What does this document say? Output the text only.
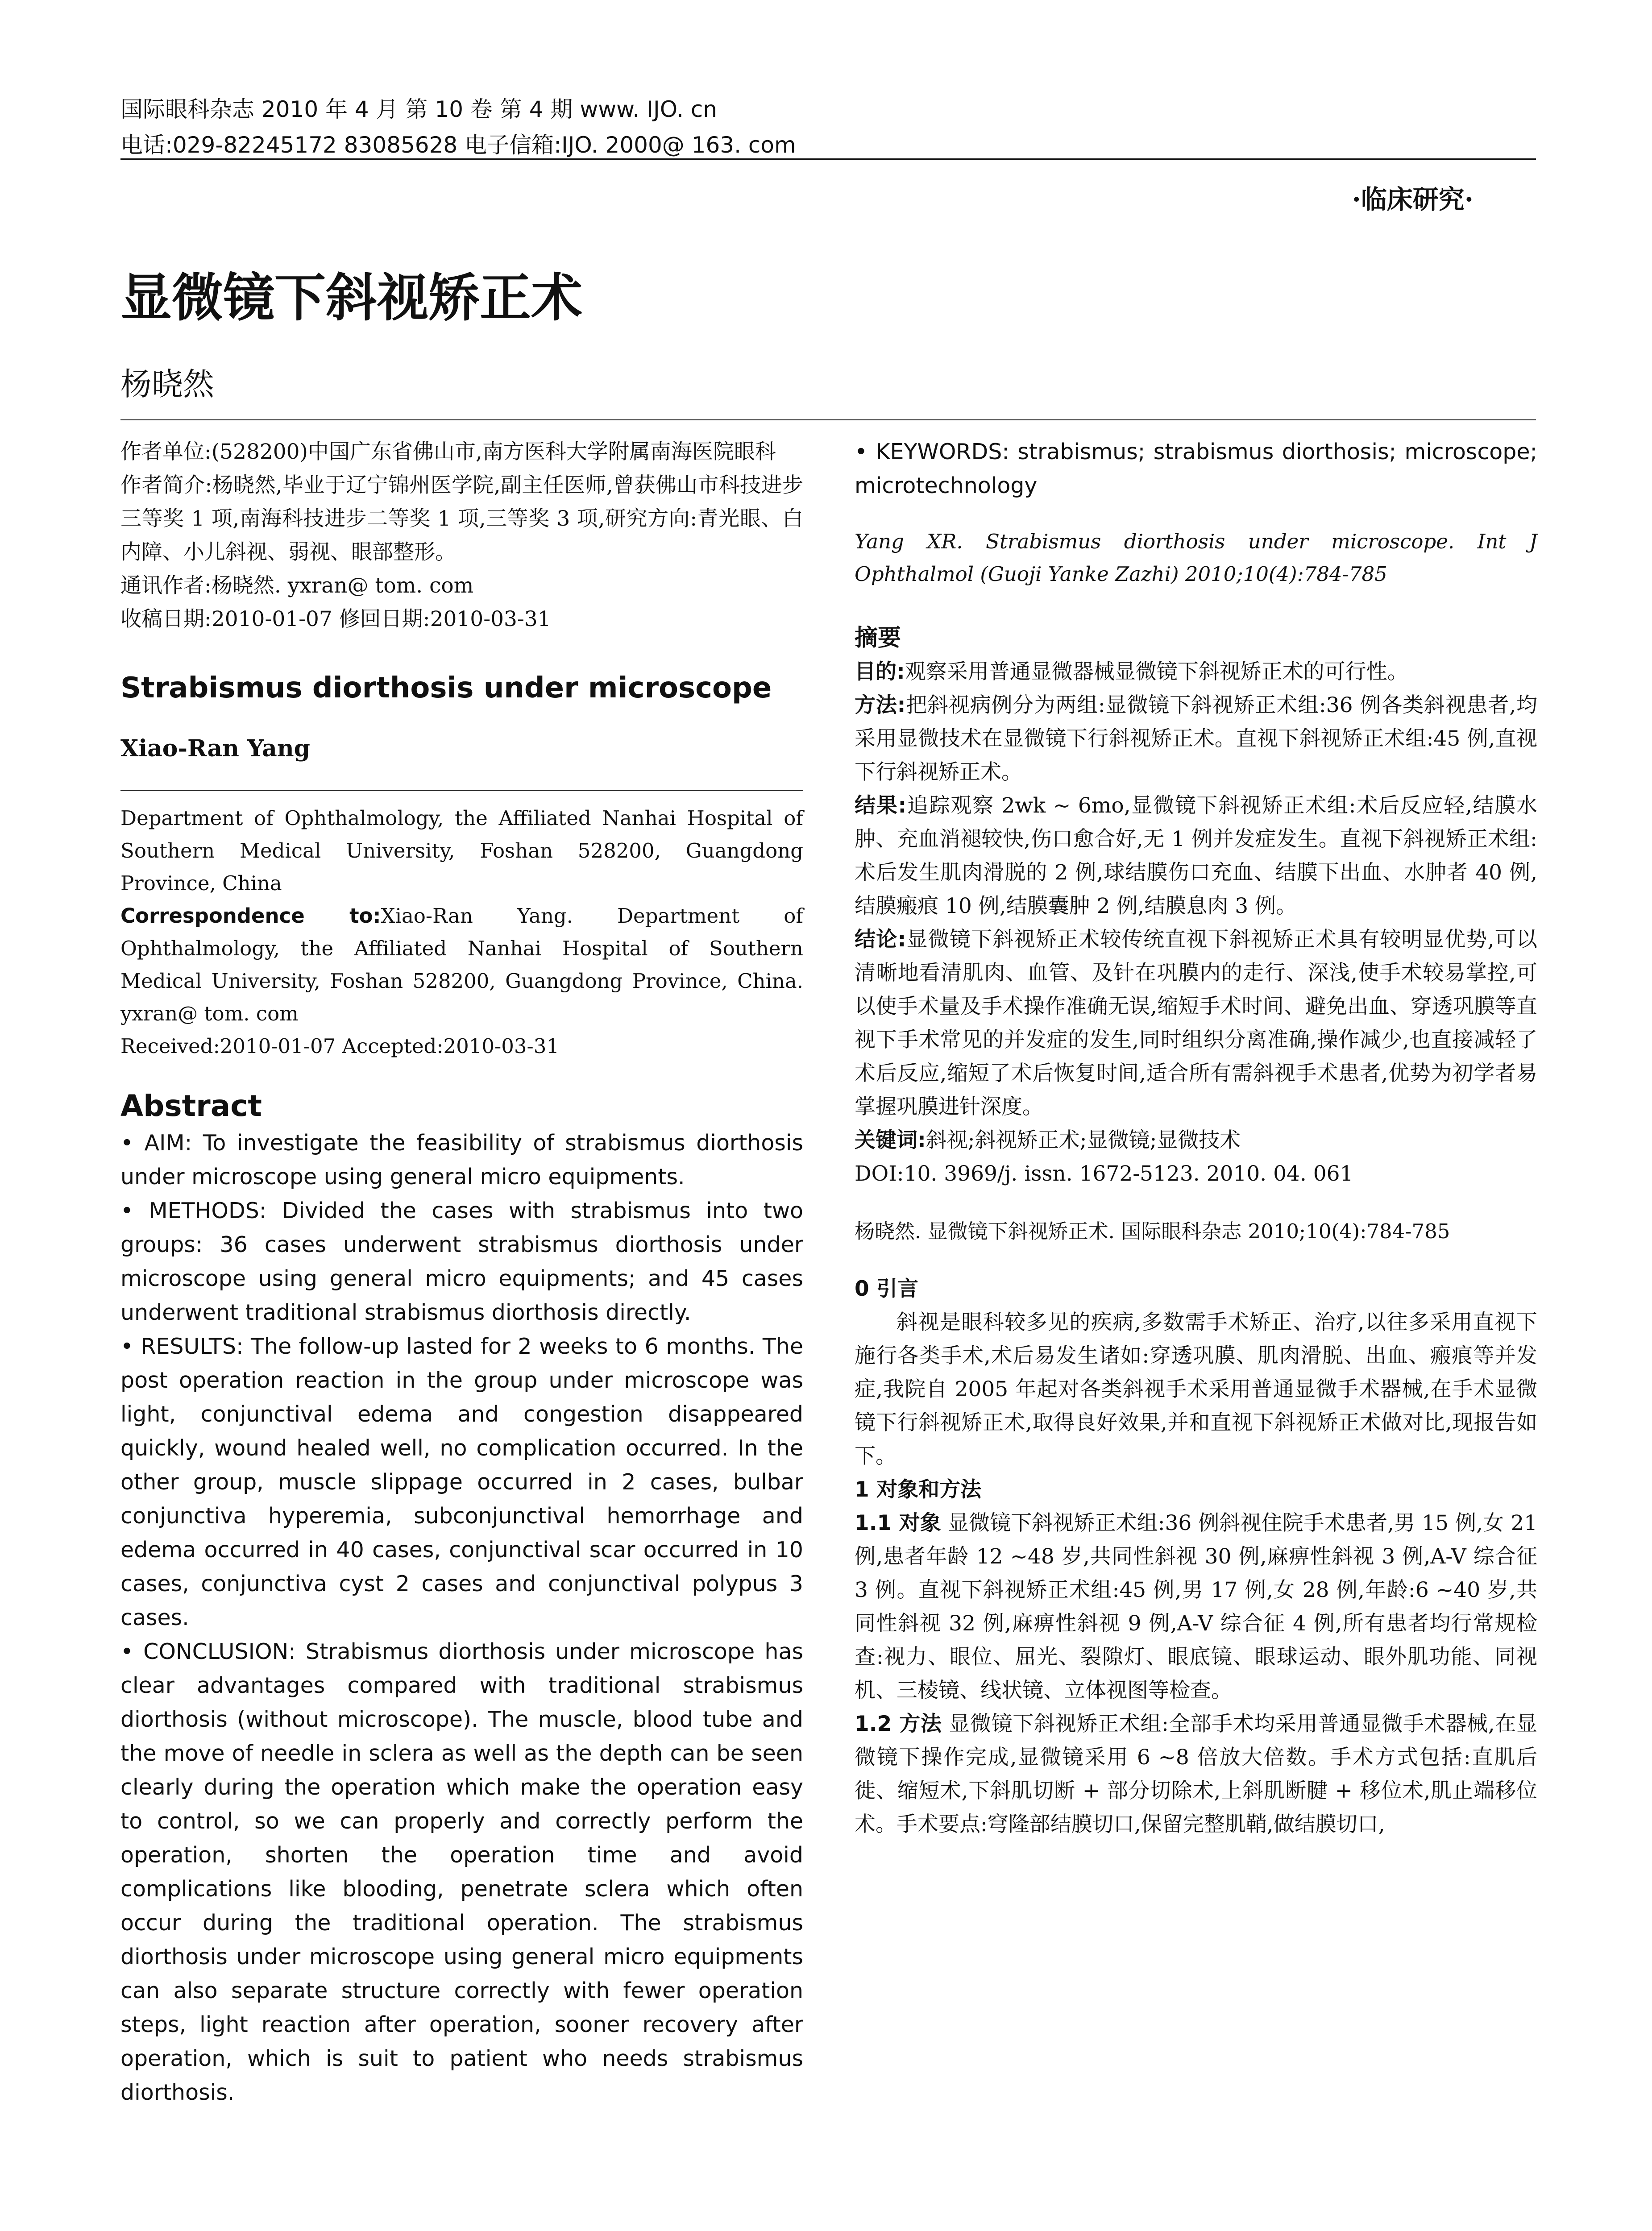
国际眼科杂志 2010 年 4 月 第 10 卷 第 4 期 www. IJO. cn
电话:029-82245172 83085628 电子信箱:IJO. 2000@ 163. com
·临床研究·
显微镜下斜视矫正术
杨晓然

作者单位:(528200)中国广东省佛山市,南方医科大学附属南海医院眼科

作者简介:杨晓然,毕业于辽宁锦州医学院,副主任医师,曾获佛山市科技进步三等奖 1 项,南海科技进步二等奖 1 项,三等奖 3 项,研究方向:青光眼、白内障、小儿斜视、弱视、眼部整形。

通讯作者:杨晓然. yxran@ tom. com

收稿日期:2010-01-07 修回日期:2010-03-31

Strabismus diorthosis under microscope
Xiao-Ran Yang

Department of Ophthalmology, the Affiliated Nanhai Hospital of Southern Medical University, Foshan 528200, Guangdong Province, China

Correspondence to:Xiao-Ran Yang. Department of Ophthalmology, the Affiliated Nanhai Hospital of Southern Medical University, Foshan 528200, Guangdong Province, China. yxran@ tom. com

Received:2010-01-07 Accepted:2010-03-31

Abstract

• AIM: To investigate the feasibility of strabismus diorthosis under microscope using general micro equipments.

• METHODS: Divided the cases with strabismus into two groups: 36 cases underwent strabismus diorthosis under microscope using general micro equipments; and 45 cases underwent traditional strabismus diorthosis directly.

• RESULTS: The follow-up lasted for 2 weeks to 6 months. The post operation reaction in the group under microscope was light, conjunctival edema and congestion disappeared quickly, wound healed well, no complication occurred. In the other group, muscle slippage occurred in 2 cases, bulbar conjunctiva hyperemia, subconjunctival hemorrhage and edema occurred in 40 cases, conjunctival scar occurred in 10 cases, conjunctiva cyst 2 cases and conjunctival polypus 3 cases.

• CONCLUSION: Strabismus diorthosis under microscope has clear advantages compared with traditional strabismus diorthosis (without microscope). The muscle, blood tube and the move of needle in sclera as well as the depth can be seen clearly during the operation which make the operation easy to control, so we can properly and correctly perform the operation, shorten the operation time and avoid complications like blooding, penetrate sclera which often occur during the traditional operation. The strabismus diorthosis under microscope using general micro equipments can also separate structure correctly with fewer operation steps, light reaction after operation, sooner recovery after operation, which is suit to patient who needs strabismus diorthosis.

• KEYWORDS: strabismus; strabismus diorthosis; microscope; microtechnology

Yang XR. Strabismus diorthosis under microscope. Int J Ophthalmol (Guoji Yanke Zazhi) 2010;10(4):784-785

摘要

目的:观察采用普通显微器械显微镜下斜视矫正术的可行性。

方法:把斜视病例分为两组:显微镜下斜视矫正术组:36 例各类斜视患者,均采用显微技术在显微镜下行斜视矫正术。直视下斜视矫正术组:45 例,直视下行斜视矫正术。

结果:追踪观察 2wk ~ 6mo,显微镜下斜视矫正术组:术后反应轻,结膜水肿、充血消褪较快,伤口愈合好,无 1 例并发症发生。直视下斜视矫正术组:术后发生肌肉滑脱的 2 例,球结膜伤口充血、结膜下出血、水肿者 40 例,结膜瘢痕 10 例,结膜囊肿 2 例,结膜息肉 3 例。

结论:显微镜下斜视矫正术较传统直视下斜视矫正术具有较明显优势,可以清晰地看清肌肉、血管、及针在巩膜内的走行、深浅,使手术较易掌控,可以使手术量及手术操作准确无误,缩短手术时间、避免出血、穿透巩膜等直视下手术常见的并发症的发生,同时组织分离准确,操作减少,也直接减轻了术后反应,缩短了术后恢复时间,适合所有需斜视手术患者,优势为初学者易掌握巩膜进针深度。

关键词:斜视;斜视矫正术;显微镜;显微技术

DOI:10. 3969/j. issn. 1672-5123. 2010. 04. 061

杨晓然. 显微镜下斜视矫正术. 国际眼科杂志 2010;10(4):784-785

0 引言

斜视是眼科较多见的疾病,多数需手术矫正、治疗,以往多采用直视下施行各类手术,术后易发生诸如:穿透巩膜、肌肉滑脱、出血、瘢痕等并发症,我院自 2005 年起对各类斜视手术采用普通显微手术器械,在手术显微镜下行斜视矫正术,取得良好效果,并和直视下斜视矫正术做对比,现报告如下。

1 对象和方法

1.1 对象 显微镜下斜视矫正术组:36 例斜视住院手术患者,男 15 例,女 21 例,患者年龄 12 ~48 岁,共同性斜视 30 例,麻痹性斜视 3 例,A-V 综合征 3 例。直视下斜视矫正术组:45 例,男 17 例,女 28 例,年龄:6 ~40 岁,共同性斜视 32 例,麻痹性斜视 9 例,A-V 综合征 4 例,所有患者均行常规检查:视力、眼位、屈光、裂隙灯、眼底镜、眼球运动、眼外肌功能、同视机、三棱镜、线状镜、立体视图等检查。

1.2 方法 显微镜下斜视矫正术组:全部手术均采用普通显微手术器械,在显微镜下操作完成,显微镜采用 6 ~8 倍放大倍数。手术方式包括:直肌后徙、缩短术,下斜肌切断 + 部分切除术,上斜肌断腱 + 移位术,肌止端移位术。手术要点:穹隆部结膜切口,保留完整肌鞘,做结膜切口,
